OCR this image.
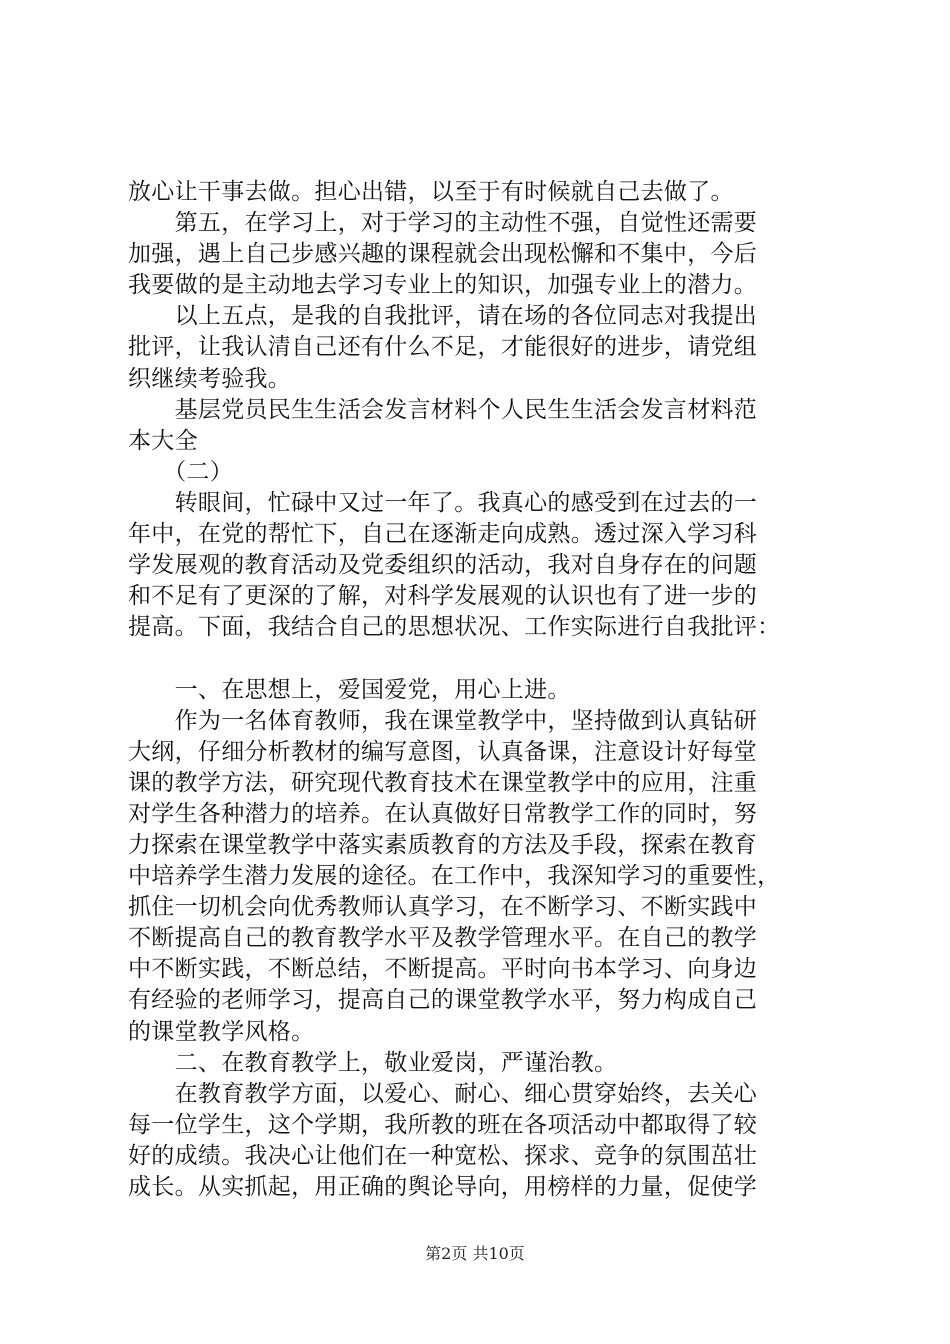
放心让干事去做。担心出错，以至于有时候就自己去做了。
　　第五，在学习上，对于学习的主动性不强，自觉性还需要
加强，遇上自己步感兴趣的课程就会出现松懈和不集中，今后
我要做的是主动地去学习专业上的知识，加强专业上的潜力。
　　以上五点，是我的自我批评，请在场的各位同志对我提出
批评，让我认清自己还有什么不足，才能很好的进步，请党组
织继续考验我。
　　基层党员民生生活会发言材料个人民生生活会发言材料范
本大全
　　（二）
　　转眼间，忙碌中又过一年了。我真心的感受到在过去的一
年中，在党的帮忙下，自己在逐渐走向成熟。透过深入学习科
学发展观的教育活动及党委组织的活动，我对自身存在的问题
和不足有了更深的了解，对科学发展观的认识也有了进一步的
提高。下面，我结合自己的思想状况、工作实际进行自我批评：
　　一、在思想上，爱国爱党，用心上进。
　　作为一名体育教师，我在课堂教学中，坚持做到认真钻研
大纲，仔细分析教材的编写意图，认真备课，注意设计好每堂
课的教学方法，研究现代教育技术在课堂教学中的应用，注重
对学生各种潜力的培养。在认真做好日常教学工作的同时，努
力探索在课堂教学中落实素质教育的方法及手段，探索在教育
中培养学生潜力发展的途径。在工作中，我深知学习的重要性，
抓住一切机会向优秀教师认真学习，在不断学习、不断实践中
不断提高自己的教育教学水平及教学管理水平。在自己的教学
中不断实践，不断总结，不断提高。平时向书本学习、向身边
有经验的老师学习，提高自己的课堂教学水平，努力构成自己
的课堂教学风格。
　　二、在教育教学上，敬业爱岗，严谨治教。
　　在教育教学方面，以爱心、耐心、细心贯穿始终，去关心
每一位学生，这个学期，我所教的班在各项活动中都取得了较
好的成绩。我决心让他们在一种宽松、探求、竞争的氛围茁壮
成长。从实抓起，用正确的舆论导向，用榜样的力量，促使学
第2页 共10页
